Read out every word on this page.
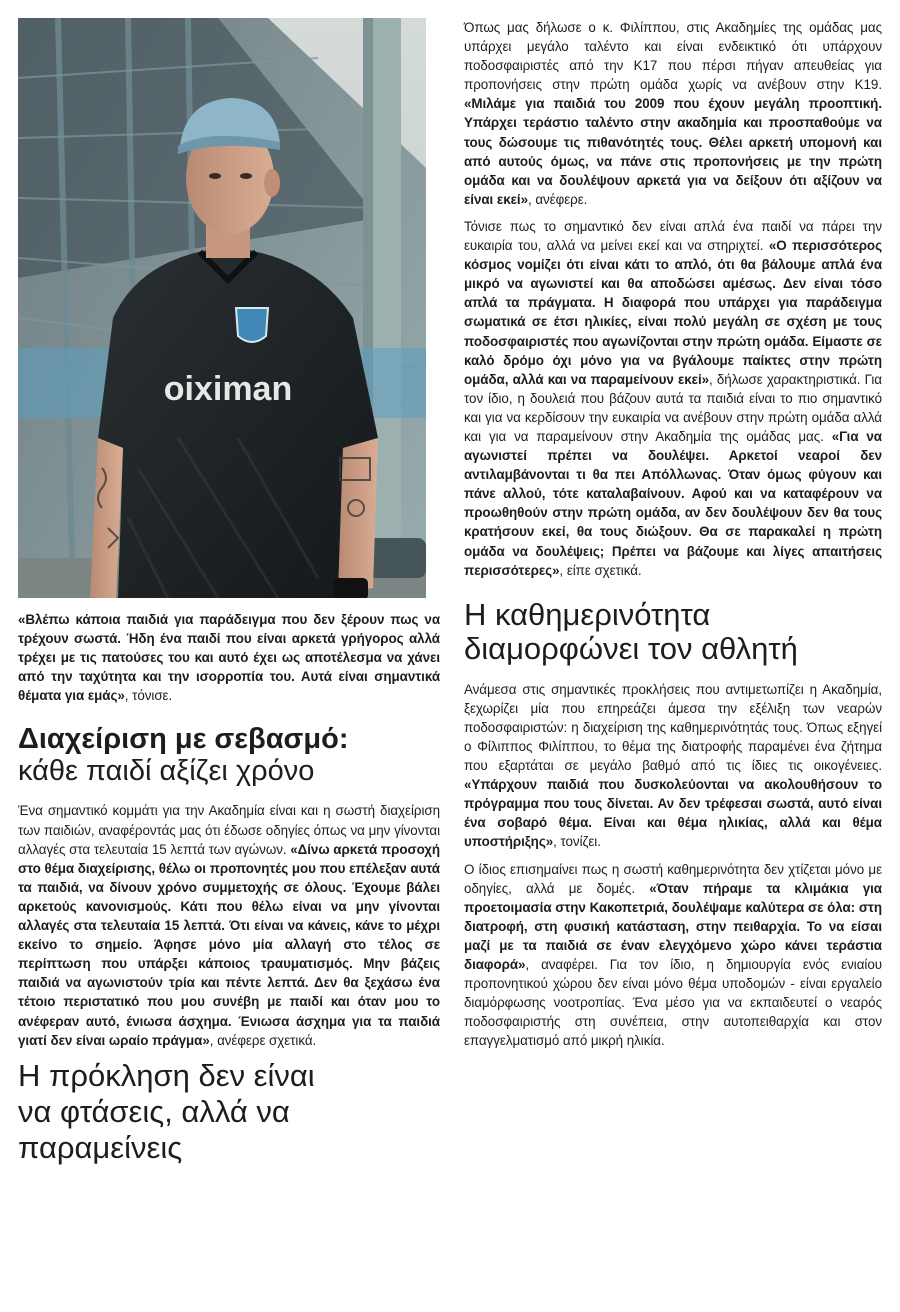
oiximan

«Βλέπω κάποια παιδιά για παράδειγμα που δεν ξέρουν πως να τρέχουν σωστά. Ήδη ένα παιδί που είναι αρκετά γρήγορος αλλά τρέχει με τις πατούσες του και αυτό έχει ως αποτέλεσμα να χάνει από την ταχύτητα και την ισορροπία του. Αυτά είναι σημαντικά θέματα για εμάς», τόνισε.

Διαχείριση με σεβασμό:
κάθε παιδί αξίζει χρόνο

Ένα σημαντικό κομμάτι για την Ακαδημία είναι και η σωστή διαχείριση των παιδιών, αναφέροντάς μας ότι έδωσε οδηγίες όπως να μην γίνονται αλλαγές στα τελευταία 15 λεπτά των αγώνων. «Δίνω αρκετά προσοχή στο θέμα διαχείρισης, θέλω οι προπονητές μου που επέλεξαν αυτά τα παιδιά, να δίνουν χρόνο συμμετοχής σε όλους. Έχουμε βάλει αρκετούς κανονισμούς. Κάτι που θέλω είναι να μην γίνονται αλλαγές στα τελευταία 15 λεπτά. Ότι είναι να κάνεις, κάνε το μέχρι εκείνο το σημείο. Άφησε μόνο μία αλλαγή στο τέλος σε περίπτωση που υπάρξει κάποιος τραυματισμός. Μην βάζεις παιδιά να αγωνιστούν τρία και πέντε λεπτά. Δεν θα ξεχάσω ένα τέτοιο περιστατικό που μου συνέβη με παιδί και όταν μου το ανέφεραν αυτό, ένιωσα άσχημα. Ένιωσα άσχημα για τα παιδιά γιατί δεν είναι ωραίο πράγμα», ανέφερε σχετικά.

Η πρόκληση δεν είναι να φτάσεις, αλλά να παραμείνεις

Όπως μας δήλωσε ο κ. Φιλίππου, στις Ακαδημίες της ομάδας μας υπάρχει μεγάλο ταλέντο και είναι ενδεικτικό ότι υπάρχουν ποδοσφαιριστές από την Κ17 που πέρσι πήγαν απευθείας για προπονήσεις στην πρώτη ομάδα χωρίς να ανέβουν στην Κ19. «Μιλάμε για παιδιά του 2009 που έχουν μεγάλη προοπτική. Υπάρχει τεράστιο ταλέντο στην ακαδημία και προσπαθούμε να τους δώσουμε τις πιθανότητές τους. Θέλει αρκετή υπομονή και από αυτούς όμως, να πάνε στις προπονήσεις με την πρώτη ομάδα και να δουλέψουν αρκετά για να δείξουν ότι αξίζουν να είναι εκεί», ανέφερε.

Τόνισε πως το σημαντικό δεν είναι απλά ένα παιδί να πάρει την ευκαιρία του, αλλά να μείνει εκεί και να στηριχτεί. «Ο περισσότερος κόσμος νομίζει ότι είναι κάτι το απλό, ότι θα βάλουμε απλά ένα μικρό να αγωνιστεί και θα αποδώσει αμέσως. Δεν είναι τόσο απλά τα πράγματα. Η διαφορά που υπάρχει για παράδειγμα σωματικά σε έτσι ηλικίες, είναι πολύ μεγάλη σε σχέση με τους ποδοσφαιριστές που αγωνίζονται στην πρώτη ομάδα. Είμαστε σε καλό δρόμο όχι μόνο για να βγάλουμε παίκτες στην πρώτη ομάδα, αλλά και να παραμείνουν εκεί», δήλωσε χαρακτηριστικά. Για τον ίδιο, η δουλειά που βάζουν αυτά τα παιδιά είναι το πιο σημαντικό και για να κερδίσουν την ευκαιρία να ανέβουν στην πρώτη ομάδα αλλά και για να παραμείνουν στην Ακαδημία της ομάδας μας. «Για να αγωνιστεί πρέπει να δουλέψει. Αρκετοί νεαροί δεν αντιλαμβάνονται τι θα πει Απόλλωνας. Όταν όμως φύγουν και πάνε αλλού, τότε καταλαβαίνουν. Αφού και να καταφέρουν να προωθηθούν στην πρώτη ομάδα, αν δεν δουλέψουν δεν θα τους κρατήσουν εκεί, θα τους διώξουν. Θα σε παρακαλεί η πρώτη ομάδα να δουλέψεις; Πρέπει να βάζουμε και λίγες απαιτήσεις περισσότερες», είπε σχετικά.

Η καθημερινότητα διαμορφώνει τον αθλητή

Ανάμεσα στις σημαντικές προκλήσεις που αντιμετωπίζει η Ακαδημία, ξεχωρίζει μία που επηρεάζει άμεσα την εξέλιξη των νεαρών ποδοσφαιριστών: η διαχείριση της καθημερινότητάς τους. Όπως εξηγεί ο Φίλιππος Φιλίππου, το θέμα της διατροφής παραμένει ένα ζήτημα που εξαρτάται σε μεγάλο βαθμό από τις ίδιες τις οικογένειες. «Υπάρχουν παιδιά που δυσκολεύονται να ακολουθήσουν το πρόγραμμα που τους δίνεται. Αν δεν τρέφεσαι σωστά, αυτό είναι ένα σοβαρό θέμα. Είναι και θέμα ηλικίας, αλλά και θέμα υποστήριξης», τονίζει.

Ο ίδιος επισημαίνει πως η σωστή καθημερινότητα δεν χτίζεται μόνο με οδηγίες, αλλά με δομές. «Όταν πήραμε τα κλιμάκια για προετοιμασία στην Κακοπετριά, δουλέψαμε καλύτερα σε όλα: στη διατροφή, στη φυσική κατάσταση, στην πειθαρχία. Το να είσαι μαζί με τα παιδιά σε έναν ελεγχόμενο χώρο κάνει τεράστια διαφορά», αναφέρει. Για τον ίδιο, η δημιουργία ενός ενιαίου προπονητικού χώρου δεν είναι μόνο θέμα υποδομών - είναι εργαλείο διαμόρφωσης νοοτροπίας. Ένα μέσο για να εκπαιδευτεί ο νεαρός ποδοσφαιριστής στη συνέπεια, στην αυτοπειθαρχία και στον επαγγελματισμό από μικρή ηλικία.
